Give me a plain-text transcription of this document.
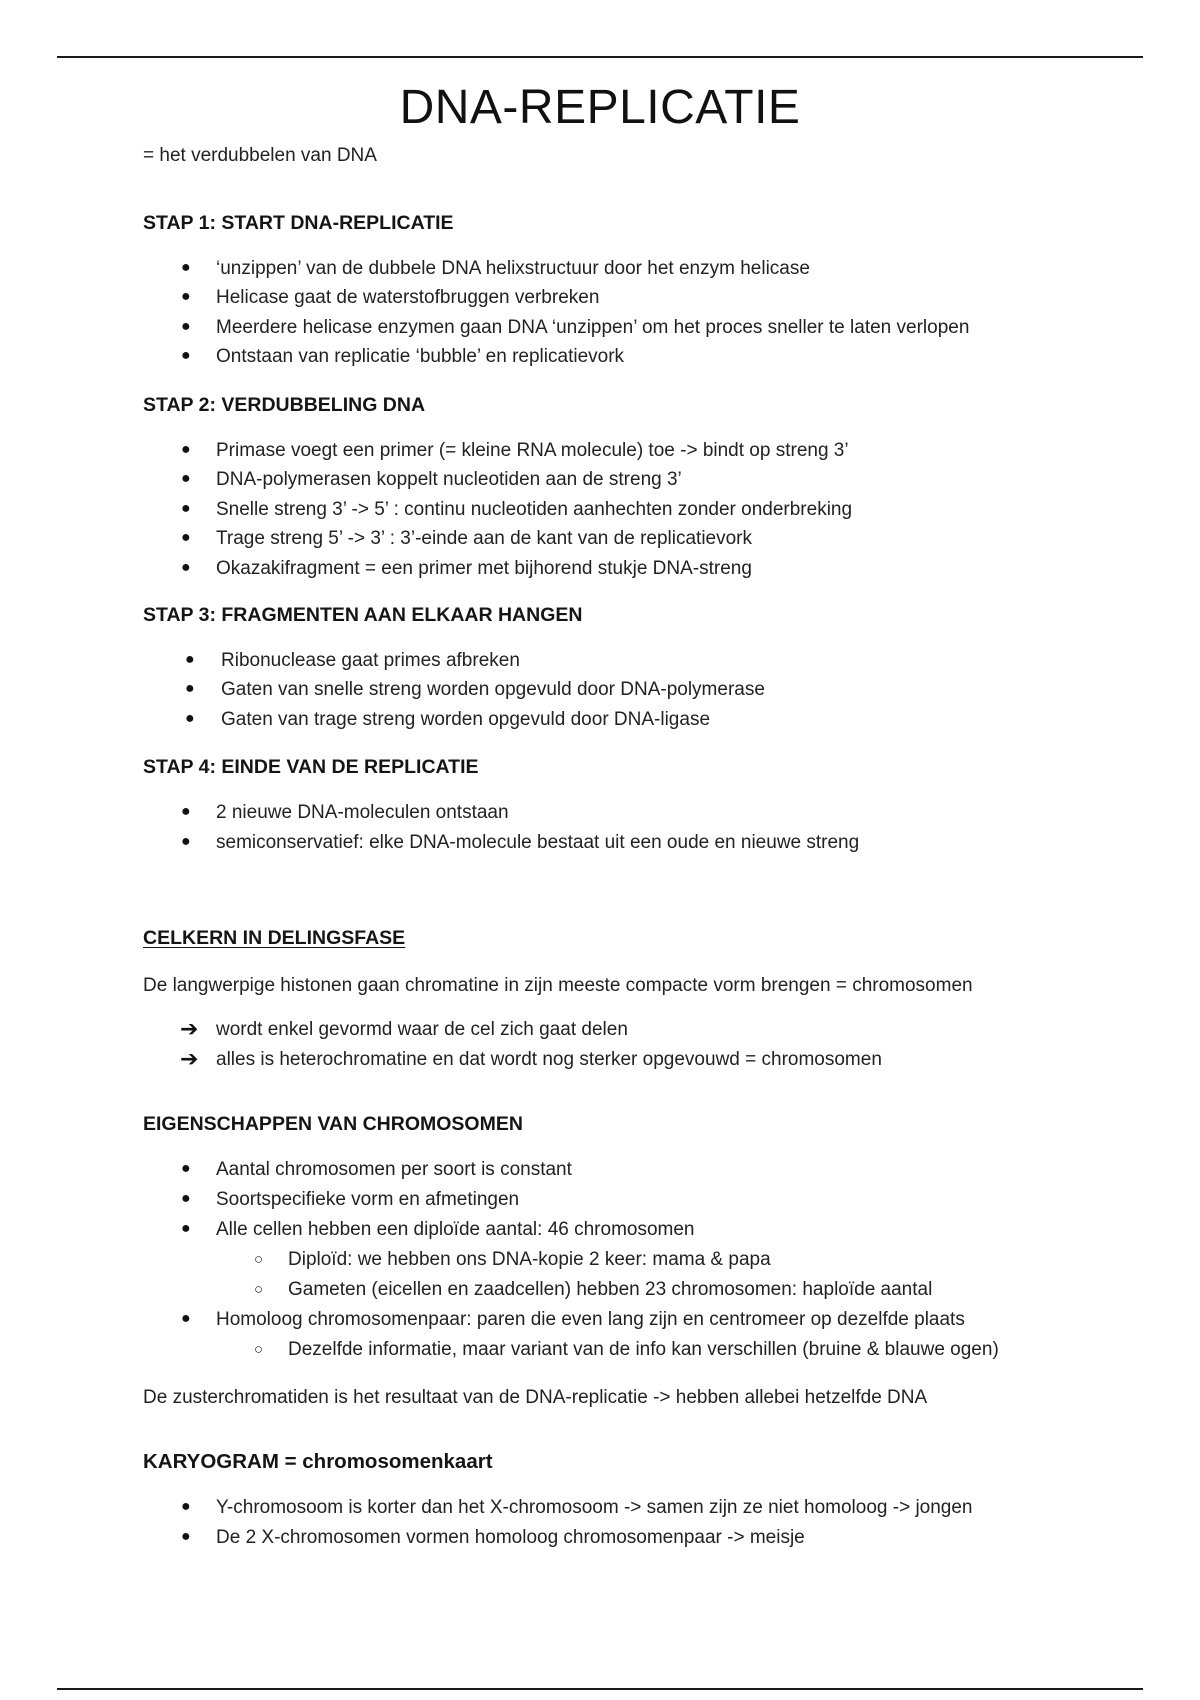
DNA-REPLICATIE
= het verdubbelen van DNA
STAP 1: START DNA-REPLICATIE
● ‘unzippen’ van de dubbele DNA helixstructuur door het enzym helicase
● Helicase gaat de waterstofbruggen verbreken
● Meerdere helicase enzymen gaan DNA ‘unzippen’ om het proces sneller te laten verlopen
● Ontstaan van replicatie ‘bubble’ en replicatievork
STAP 2: VERDUBBELING DNA
● Primase voegt een primer (= kleine RNA molecule) toe -> bindt op streng 3’
● DNA-polymerasen koppelt nucleotiden aan de streng 3’
● Snelle streng 3’ -> 5’ : continu nucleotiden aanhechten zonder onderbreking
● Trage streng 5’ -> 3’ : 3’-einde aan de kant van de replicatievork
● Okazakifragment = een primer met bijhorend stukje DNA-streng
STAP 3: FRAGMENTEN AAN ELKAAR HANGEN
● Ribonuclease gaat primes afbreken
● Gaten van snelle streng worden opgevuld door DNA-polymerase
● Gaten van trage streng worden opgevuld door DNA-ligase
STAP 4: EINDE VAN DE REPLICATIE
● 2 nieuwe DNA-moleculen ontstaan
● semiconservatief: elke DNA-molecule bestaat uit een oude en nieuwe streng
CELKERN IN DELINGSFASE
De langwerpige histonen gaan chromatine in zijn meeste compacte vorm brengen = chromosomen
➔ wordt enkel gevormd waar de cel zich gaat delen
➔ alles is heterochromatine en dat wordt nog sterker opgevouwd = chromosomen
EIGENSCHAPPEN VAN CHROMOSOMEN
● Aantal chromosomen per soort is constant
● Soortspecifieke vorm en afmetingen
● Alle cellen hebben een diploïde aantal: 46 chromosomen
○ Diploïd: we hebben ons DNA-kopie 2 keer: mama & papa
○ Gameten (eicellen en zaadcellen) hebben 23 chromosomen: haploïde aantal
● Homoloog chromosomenpaar: paren die even lang zijn en centromeer op dezelfde plaats
○ Dezelfde informatie, maar variant van de info kan verschillen (bruine & blauwe ogen)
De zusterchromatiden is het resultaat van de DNA-replicatie -> hebben allebei hetzelfde DNA
KARYOGRAM = chromosomenkaart
● Y-chromosoom is korter dan het X-chromosoom -> samen zijn ze niet homoloog -> jongen
● De 2 X-chromosomen vormen homoloog chromosomenpaar -> meisje
